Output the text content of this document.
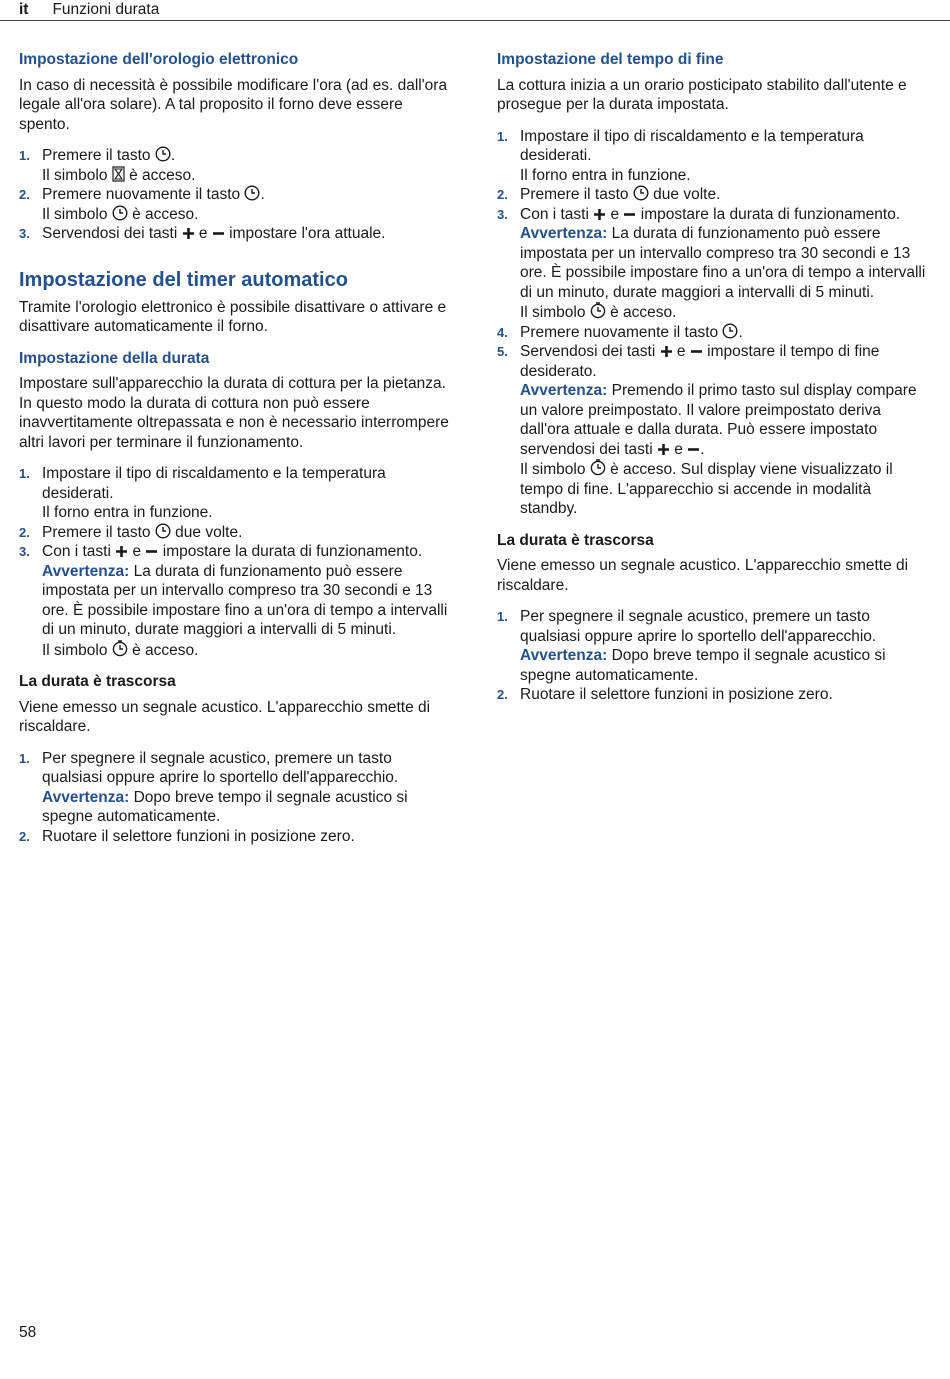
it Funzioni durata
Impostazione dell'orologio elettronico

In caso di necessità è possibile modificare l'ora (ad es. dall'ora legale all'ora solare). A tal proposito il forno deve essere spento.

1. Premere il tasto .
Il simbolo  è acceso.
2. Premere nuovamente il tasto .
Il simbolo  è acceso.
3. Servendosi dei tasti  e  impostare l'ora attuale.
Impostazione del timer automatico

Tramite l'orologio elettronico è possibile disattivare o attivare e disattivare automaticamente il forno.

Impostazione della durata

Impostare sull'apparecchio la durata di cottura per la pietanza. In questo modo la durata di cottura non può essere inavvertitamente oltrepassata e non è necessario interrompere altri lavori per terminare il funzionamento.

1. Impostare il tipo di riscaldamento e la temperatura desiderati.
Il forno entra in funzione.
2. Premere il tasto  due volte.
3. Con i tasti  e  impostare la durata di funzionamento.
Avvertenza: La durata di funzionamento può essere impostata per un intervallo compreso tra 30 secondi e 13 ore. È possibile impostare fino a un'ora di tempo a intervalli di un minuto, durate maggiori a intervalli di 5 minuti.
Il simbolo  è acceso.
La durata è trascorsa

Viene emesso un segnale acustico. L'apparecchio smette di riscaldare.

1. Per spegnere il segnale acustico, premere un tasto qualsiasi oppure aprire lo sportello dell'apparecchio.
Avvertenza: Dopo breve tempo il segnale acustico si spegne automaticamente.
2. Ruotare il selettore funzioni in posizione zero.
Impostazione del tempo di fine

La cottura inizia a un orario posticipato stabilito dall'utente e prosegue per la durata impostata.

1. Impostare il tipo di riscaldamento e la temperatura desiderati.
Il forno entra in funzione.
2. Premere il tasto  due volte.
3. Con i tasti  e  impostare la durata di funzionamento.
Avvertenza: La durata di funzionamento può essere impostata per un intervallo compreso tra 30 secondi e 13 ore. È possibile impostare fino a un'ora di tempo a intervalli di un minuto, durate maggiori a intervalli di 5 minuti.
Il simbolo  è acceso.
4. Premere nuovamente il tasto .
5. Servendosi dei tasti  e  impostare il tempo di fine desiderato.
Avvertenza: Premendo il primo tasto sul display compare un valore preimpostato. Il valore preimpostato deriva dall'ora attuale e dalla durata. Può essere impostato servendosi dei tasti  e .
Il simbolo  è acceso. Sul display viene visualizzato il tempo di fine. L'apparecchio si accende in modalità standby.
La durata è trascorsa

Viene emesso un segnale acustico. L'apparecchio smette di riscaldare.

1. Per spegnere il segnale acustico, premere un tasto qualsiasi oppure aprire lo sportello dell'apparecchio.
Avvertenza: Dopo breve tempo il segnale acustico si spegne automaticamente.
2. Ruotare il selettore funzioni in posizione zero.
58
